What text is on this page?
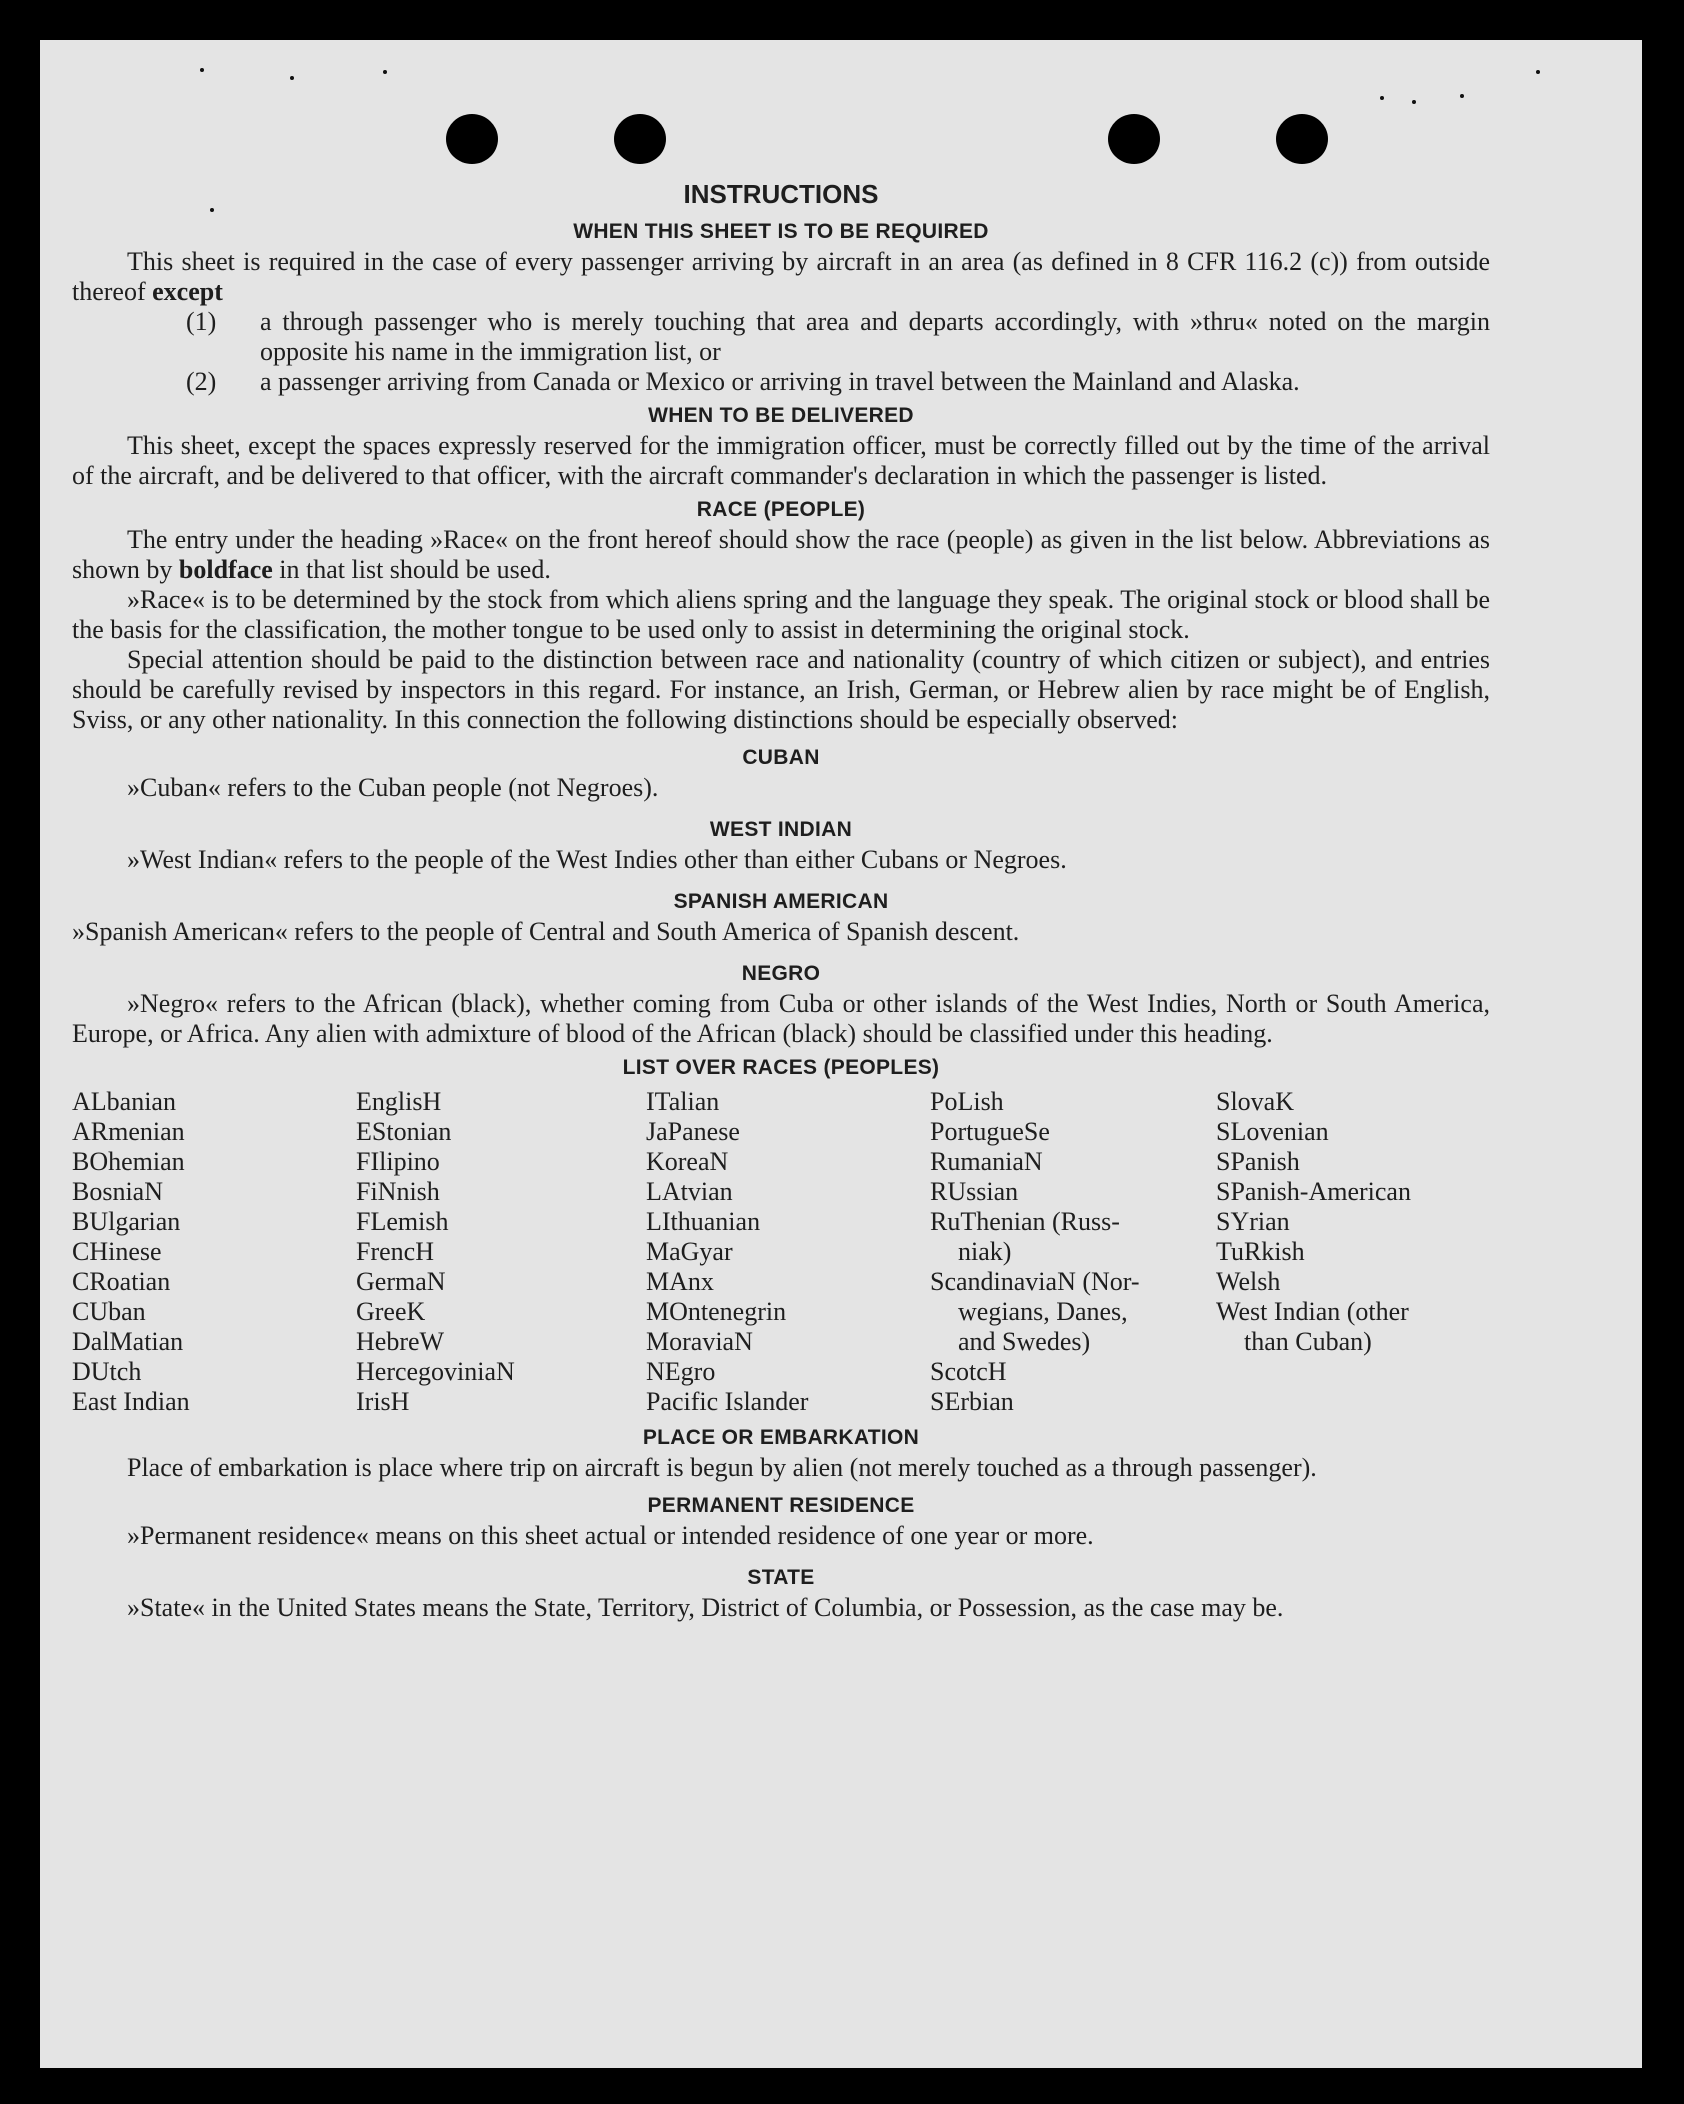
INSTRUCTIONS
WHEN THIS SHEET IS TO BE REQUIRED

This sheet is required in the case of every passenger arriving by aircraft in an area (as defined in 8 CFR 116.2 (c)) from outside thereof except

(1)	a through passenger who is merely touching that area and departs accordingly, with »thru« noted on the margin opposite his name in the immigration list, or
(2)	a passenger arriving from Canada or Mexico or arriving in travel between the Mainland and Alaska.
WHEN TO BE DELIVERED

This sheet, except the spaces expressly reserved for the immigration officer, must be correctly filled out by the time of the arrival of the aircraft, and be delivered to that officer, with the aircraft commander's declaration in which the passenger is listed.

RACE (PEOPLE)

The entry under the heading »Race« on the front hereof should show the race (people) as given in the list below. Abbreviations as shown by boldface in that list should be used.

»Race« is to be determined by the stock from which aliens spring and the language they speak. The original stock or blood shall be the basis for the classification, the mother tongue to be used only to assist in determining the original stock.

Special attention should be paid to the distinction between race and nationality (country of which citizen or subject), and entries should be carefully revised by inspectors in this regard. For instance, an Irish, German, or Hebrew alien by race might be of English, Sviss, or any other nationality. In this connection the following distinctions should be especially observed:

CUBAN

»Cuban« refers to the Cuban people (not Negroes).

WEST INDIAN

»West Indian« refers to the people of the West Indies other than either Cubans or Negroes.

SPANISH AMERICAN

»Spanish American« refers to the people of Central and South America of Spanish descent.

NEGRO

»Negro« refers to the African (black), whether coming from Cuba or other islands of the West Indies, North or South America, Europe, or Africa. Any alien with admixture of blood of the African (black) should be classified under this heading.

LIST OVER RACES (PEOPLES)
ALbanian
ARmenian
BOhemian
BosniaN
BUlgarian
CHinese
CRoatian
CUban
DalMatian
DUtch
East Indian
EnglisH
EStonian
FIlipino
FiNnish
FLemish
FrencH
GermaN
GreeK
HebreW
HercegoviniaN
IrisH
ITalian
JaPanese
KoreaN
LAtvian
LIthuanian
MaGyar
MAnx
MOntenegrin
MoraviaN
NEgro
Pacific Islander
PoLish
PortugueSe
RumaniaN
RUssian
RuThenian (Russ-
niak)
ScandinaviaN (Nor-
wegians, Danes,
and Swedes)
ScotcH
SErbian
SlovaK
SLovenian
SPanish
SPanish-American
SYrian
TuRkish
Welsh
West Indian (other
than Cuban)
PLACE OR EMBARKATION

Place of embarkation is place where trip on aircraft is begun by alien (not merely touched as a through passenger).

PERMANENT RESIDENCE

»Permanent residence« means on this sheet actual or intended residence of one year or more.

STATE

»State« in the United States means the State, Territory, District of Columbia, or Possession, as the case may be.
